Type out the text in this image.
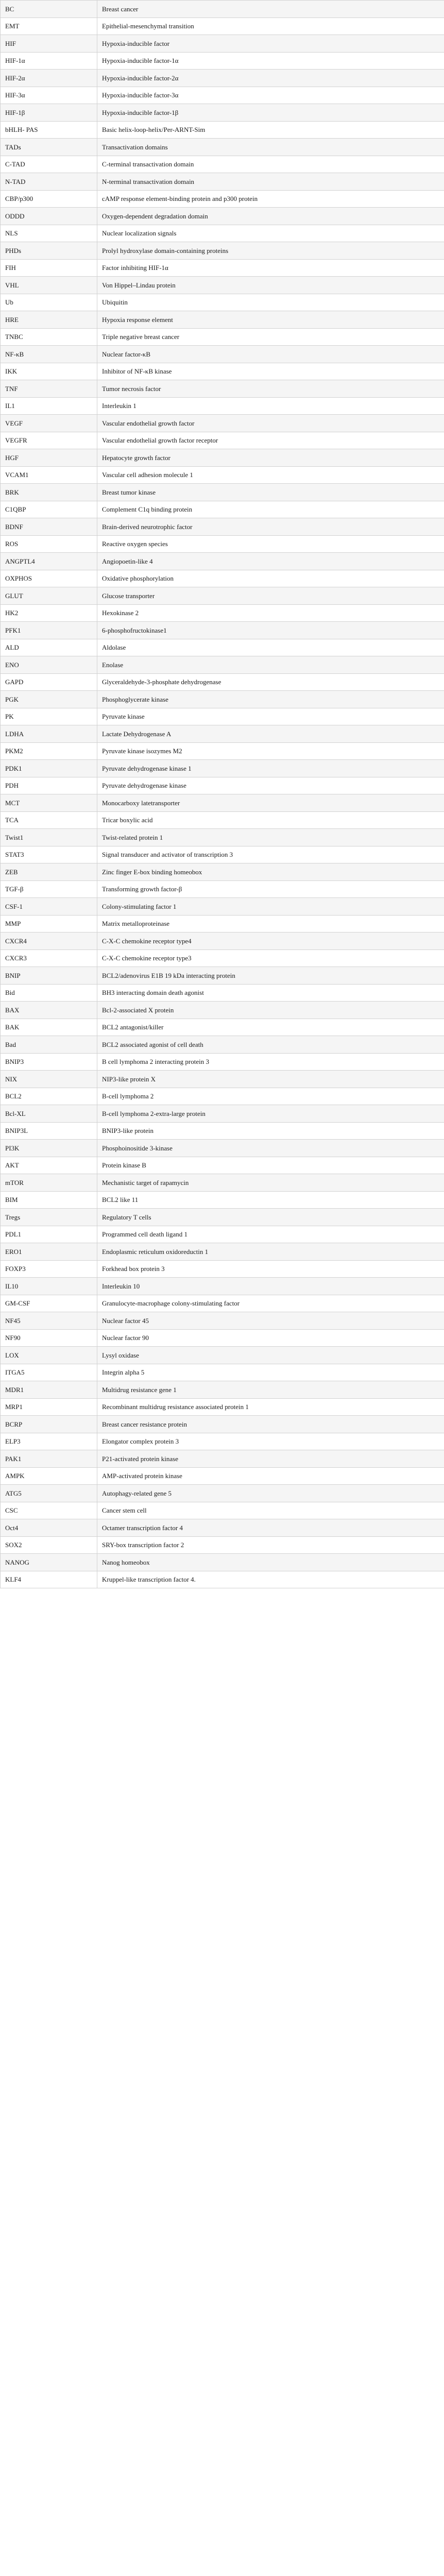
BC	Breast cancer
EMT	Epithelial-mesenchymal transition
HIF	Hypoxia-inducible factor
HIF-1α	Hypoxia-inducible factor-1α
HIF-2α	Hypoxia-inducible factor-2α
HIF-3α	Hypoxia-inducible factor-3α
HIF-1β	Hypoxia-inducible factor-1β
bHLH- PAS	Basic helix-loop-helix/Per-ARNT-Sim
TADs	Transactivation domains
C-TAD	C-terminal transactivation domain
N-TAD	N-terminal transactivation domain
CBP/p300	cAMP response element-binding protein and p300 protein
ODDD	Oxygen-dependent degradation domain
NLS	Nuclear localization signals
PHDs	Prolyl hydroxylase domain-containing proteins
FIH	Factor inhibiting HIF-1α
VHL	Von Hippel–Lindau protein
Ub	Ubiquitin
HRE	Hypoxia response element
TNBC	Triple negative breast cancer
NF-κB	Nuclear factor-κB
IKK	Inhibitor of NF-κB kinase
TNF	Tumor necrosis factor
IL1	Interleukin 1
VEGF	Vascular endothelial growth factor
VEGFR	Vascular endothelial growth factor receptor
HGF	Hepatocyte growth factor
VCAM1	Vascular cell adhesion molecule 1
BRK	Breast tumor kinase
C1QBP	Complement C1q binding protein
BDNF	Brain-derived neurotrophic factor
ROS	Reactive oxygen species
ANGPTL4	Angiopoetin-like 4
OXPHOS	Oxidative phosphorylation
GLUT	Glucose transporter
HK2	Hexokinase 2
PFK1	6-phosphofructokinase1
ALD	Aldolase
ENO	Enolase
GAPD	Glyceraldehyde-3-phosphate dehydrogenase
PGK	Phosphoglycerate kinase
PK	Pyruvate kinase
LDHA	Lactate Dehydrogenase A
PKM2	Pyruvate kinase isozymes M2
PDK1	Pyruvate dehydrogenase kinase 1
PDH	Pyruvate dehydrogenase kinase
MCT	Monocarboxy latetransporter
TCA	Tricar boxylic acid
Twist1	Twist-related protein 1
STAT3	Signal transducer and activator of transcription 3
ZEB	Zinc finger E-box binding homeobox
TGF-β	Transforming growth factor-β
CSF-1	Colony-stimulating factor 1
MMP	Matrix metalloproteinase
CXCR4	C-X-C chemokine receptor type4
CXCR3	C-X-C chemokine receptor type3
BNIP	BCL2/adenovirus E1B 19 kDa interacting protein
Bid	BH3 interacting domain death agonist
BAX	Bcl-2-associated X protein
BAK	BCL2 antagonist/killer
Bad	BCL2 associated agonist of cell death
BNIP3	B cell lymphoma 2 interacting protein 3
NIX	NIP3-like protein X
BCL2	B-cell lymphoma 2
Bcl-XL	B-cell lymphoma 2-extra-large protein
BNIP3L	BNIP3-like protein
PI3K	Phosphoinositide 3-kinase
AKT	Protein kinase B
mTOR	Mechanistic target of rapamycin
BIM	BCL2 like 11
Tregs	Regulatory T cells
PDL1	Programmed cell death ligand 1
ERO1	Endoplasmic reticulum oxidoreductin 1
FOXP3	Forkhead box protein 3
IL10	Interleukin 10
GM-CSF	Granulocyte-macrophage colony-stimulating factor
NF45	Nuclear factor 45
NF90	Nuclear factor 90
LOX	Lysyl oxidase
ITGA5	Integrin alpha 5
MDR1	Multidrug resistance gene 1
MRP1	Recombinant multidrug resistance associated protein 1
BCRP	Breast cancer resistance protein
ELP3	Elongator complex protein 3
PAK1	P21-activated protein kinase
AMPK	AMP-activated protein kinase
ATG5	Autophagy-related gene 5
CSC	Cancer stem cell
Oct4	Octamer transcription factor 4
SOX2	SRY-box transcription factor 2
NANOG	Nanog homeobox
KLF4	Kruppel-like transcription factor 4.
